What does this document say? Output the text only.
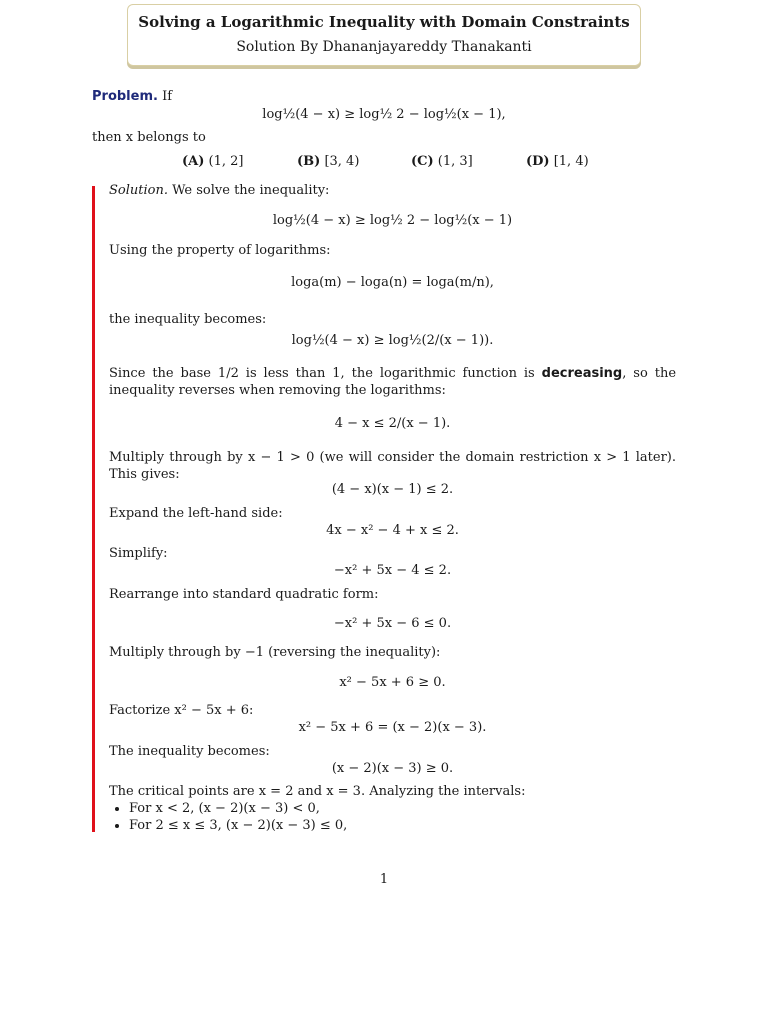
Solving a Logarithmic Inequality with Domain Constraints
Solution By Dhananjayareddy Thanakanti
Problem. If
log½(4 − x) ≥ log½ 2 − log½(x − 1),
then x belongs to
(A) (1, 2]	(B) [3, 4)	(C) (1, 3]	(D) [1, 4)
Solution. We solve the inequality:
log½(4 − x) ≥ log½ 2 − log½(x − 1)
Using the property of logarithms:
loga(m) − loga(n) = loga(m/n),
the inequality becomes:
log½(4 − x) ≥ log½(2/(x − 1)).
Since the base 1/2 is less than 1, the logarithmic function is decreasing, so the inequality reverses when removing the logarithms:
4 − x ≤ 2/(x − 1).
Multiply through by x − 1 > 0 (we will consider the domain restriction x > 1 later). This gives:
(4 − x)(x − 1) ≤ 2.
Expand the left-hand side:
4x − x² − 4 + x ≤ 2.
Simplify:
−x² + 5x − 4 ≤ 2.
Rearrange into standard quadratic form:
−x² + 5x − 6 ≤ 0.
Multiply through by −1 (reversing the inequality):
x² − 5x + 6 ≥ 0.
Factorize x² − 5x + 6:
x² − 5x + 6 = (x − 2)(x − 3).
The inequality becomes:
(x − 2)(x − 3) ≥ 0.
The critical points are x = 2 and x = 3. Analyzing the intervals:
• For x < 2, (x − 2)(x − 3) < 0,
• For 2 ≤ x ≤ 3, (x − 2)(x − 3) ≤ 0,
1
